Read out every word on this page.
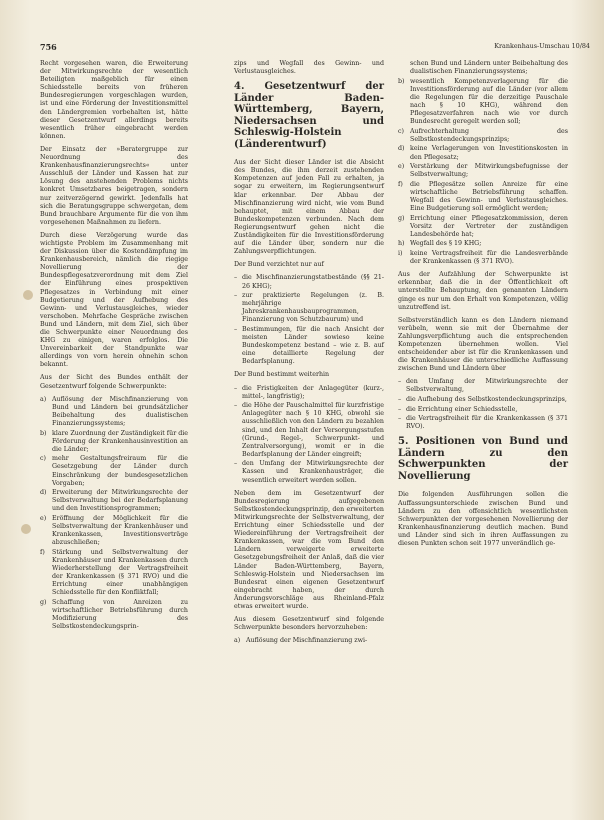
756	Krankenhaus-Umschau 10/84

Recht vorgesehen waren, die Erweiterung der Mitwirkungsrechte der wesentlich Beteiligten maßgeblich für einen Schiedsstelle bereits von früheren Bundesregierungen vorgeschlagen wurden, ist und eine Förderung der Investitionsmittel den Ländergremien vorbehalten ist, hätte dieser Gesetzentwurf allerdings bereits wesentlich früher eingebracht werden können.

Der Einsatz der »Beratergruppe zur Neuordnung des Krankenhausfinanzierungsrechts« unter Ausschluß der Länder und Kassen hat zur Lösung des anstehenden Problems nichts konkret Umsetzbares beigetragen, sondern nur zeitverzögernd gewirkt. Jedenfalls hat sich die Beratungsgruppe schwergetan, dem Bund brauchbare Argumente für die von ihm vorgesehenen Maßnahmen zu liefern.

Durch diese Verzögerung wurde das wichtigste Problem im Zusammenhang mit der Diskussion über die Kostendämpfung im Krankenhausbereich, nämlich die riegige Novellierung der Bundespflegesatzverordnung mit dem Ziel der Einführung eines prospektiven Pflegesatzes in Verbindung mit einer Budgetierung und der Aufhebung des Gewinn- und Verlustausgleiches, wieder verschoben. Mehrfache Gespräche zwischen Bund und Ländern, mit dem Ziel, sich über die Schwerpunkte einer Neuordnung des KHG zu einigen, waren erfolglos. Die Unvereinbarkeit der Standpunkte war allerdings von vorn herein ohnehin schon bekannt.

Aus der Sicht des Bundes enthält der Gesetzentwurf folgende Schwerpunkte:

a) Auflösung der Mischfinanzierung von Bund und Ländern bei grundsätzlicher Beibehaltung des dualistischen Finanzierungssystems;
b) klare Zuordnung der Zuständigkeit für die Förderung der Krankenhausinvestition an die Länder;
c) mehr Gestaltungsfreiraum für die Gesetzgebung der Länder durch Einschränkung der bundesgesetzlichen Vorgaben;
d) Erweiterung der Mitwirkungsrechte der Selbstverwaltung bei der Bedarfsplanung und den Investitionsprogrammen;
e) Eröffnung der Möglichkeit für die Selbstverwaltung der Krankenhäuser und Krankenkassen, Investitionsverträge abzuschließen;
f) Stärkung und Selbstverwaltung der Krankenhäuser und Krankenkassen durch Wiederherstellung der Vertragsfreiheit der Krankenkassen (§ 371 RVO) und die Errichtung einer unabhängigen Schiedsstelle für den Konfliktfall;
g) Schaffung von Anreizen zu wirtschaftlicher Betriebsführung durch Modifizierung des Selbstkostendeckungsprin-

zips und Wegfall des Gewinn- und Verlustausgleiches.

4. Gesetzentwurf der Länder Baden-Württemberg, Bayern, Niedersachsen und Schleswig-Holstein (Länderentwurf)

Aus der Sicht dieser Länder ist die Absicht des Bundes, die ihm derzeit zustehenden Kompetenzen auf jeden Fall zu erhalten, ja sogar zu erweitern, im Regierungsentwurf klar erkennbar. Der Abbau der Mischfinanzierung wird nicht, wie vom Bund behauptet, mit einem Abbau der Bundeskompetenzen verbunden. Nach dem Regierungsentwurf gehen nicht die Zuständigkeiten für die Investitionsförderung auf die Länder über, sondern nur die Zahlungsverpflichtungen.

Der Bund verzichtet nur auf

– die Mischfinanzierungstatbestände (§§ 21-26 KHG);
– zur praktizierte Regelungen (z. B. mehrjährige Jahreskrankenhausbauprogrammen, Finanzierung von Schutzbaurum) und
– Bestimmungen, für die nach Ansicht der meisten Länder sowieso keine Bundeskompetenz bestand – wie z. B. auf eine detaillierte Regelung der Bedarfsplanung.

Der Bund bestimmt weiterhin

– die Fristigkeiten der Anlagegüter (kurz-, mittel-, langfristig);
– die Höhe der Pauschalmittel für kurzfristige Anlagegüter nach § 10 KHG, obwohl sie ausschließlich von den Ländern zu bezahlen sind, und den Inhalt der Versorgungsstufen (Grund-, Regel-, Schwerpunkt- und Zentralversorgung), womit er in die Bedarfsplanung der Länder eingreift;
– den Umfang der Mitwirkungsrechte der Kassen und Krankenhausträger, die wesentlich erweitert werden sollen.

Neben dem im Gesetzentwurf der Bundesregierung aufgegebenen Selbstkostendeckungsprinzip, den erweiterten Mitwirkungsrechte der Selbstverwaltung, der Errichtung einer Schiedsstelle und der Wiedereinführung der Vertragsfreiheit der Krankenkassen, war die vom Bund den Ländern verweigerte erweiterte Gesetzgebungsfreiheit der Anlaß, daß die vier Länder Baden-Württemberg, Bayern, Schleswig-Holstein und Niedersachsen im Bundesrat einen eigenen Gesetzentwurf eingebracht haben, der durch Änderungsvorschläge aus Rheinland-Pfalz etwas erweitert wurde.

Aus diesem Gesetzentwurf sind folgende Schwerpunkte besonders hervorzuheben:

a) Auflösung der Mischfinanzierung zwi-
schen Bund und Ländern unter Beibehaltung des dualistischen Finanzierungssystems;
b) wesentlich Kompetenzverlagerung für die Investitionsförderung auf die Länder (vor allem die Regelungen für die derzeitige Pauschale nach § 10 KHG), während den Pflegesatzverfahren nach wie vor durch Bundesrecht geregelt werden soll;
c) Aufrechterhaltung des Selbstkostendeckungsprinzips;
d) keine Verlagerungen von Investitionskosten in den Pflegesatz;
e) Verstärkung der Mitwirkungsbefugnisse der Selbstverwaltung;
f) die Pflegesätze sollen Anreize für eine wirtschaftliche Betriebsführung schaffen. Wegfall des Gewinn- und Verlustausgleiches. Eine Budgetierung soll ermöglicht werden;
g) Errichtung einer Pflegesatzkommission, deren Vorsitz der Vertreter der zuständigen Landesbehörde hat;
h) Wegfall des § 19 KHG;
i) keine Vertragsfreiheit für die Landesverbände der Krankenkassen (§ 371 RVO).

Aus der Aufzählung der Schwerpunkte ist erkennbar, daß die in der Öffentlichkeit oft unterstellte Behauptung, den genannten Ländern ginge es nur um den Erhalt von Kompetenzen, völlig unzutreffend ist.

Selbstverständlich kann es den Ländern niemand verübeln, wenn sie mit der Übernahme der Zahlungsverpflichtung auch die entsprechenden Kompetenzen übernehmen wollen. Viel entscheidender aber ist für die Krankenkassen und die Krankenhäuser die unterschiedliche Auffassung zwischen Bund und Ländern über

– den Umfang der Mitwirkungsrechte der Selbstverwaltung,
– die Aufhebung des Selbstkostendeckungsprinzips,
– die Errichtung einer Schiedsstelle,
– die Vertragsfreiheit für die Krankenkassen (§ 371 RVO).
5. Positionen von Bund und Ländern zu den Schwerpunkten der Novellierung

Die folgenden Ausführungen sollen die Auffassungsunterschiede zwischen Bund und Ländern zu den offensichtlich wesentlichsten Schwerpunkten der vorgesehenen Novellierung der Krankenhausfinanzierung deutlich machen. Bund und Länder sind sich in ihren Auffassungen zu diesen Punkten schon seit 1977 unverändlich ge-
